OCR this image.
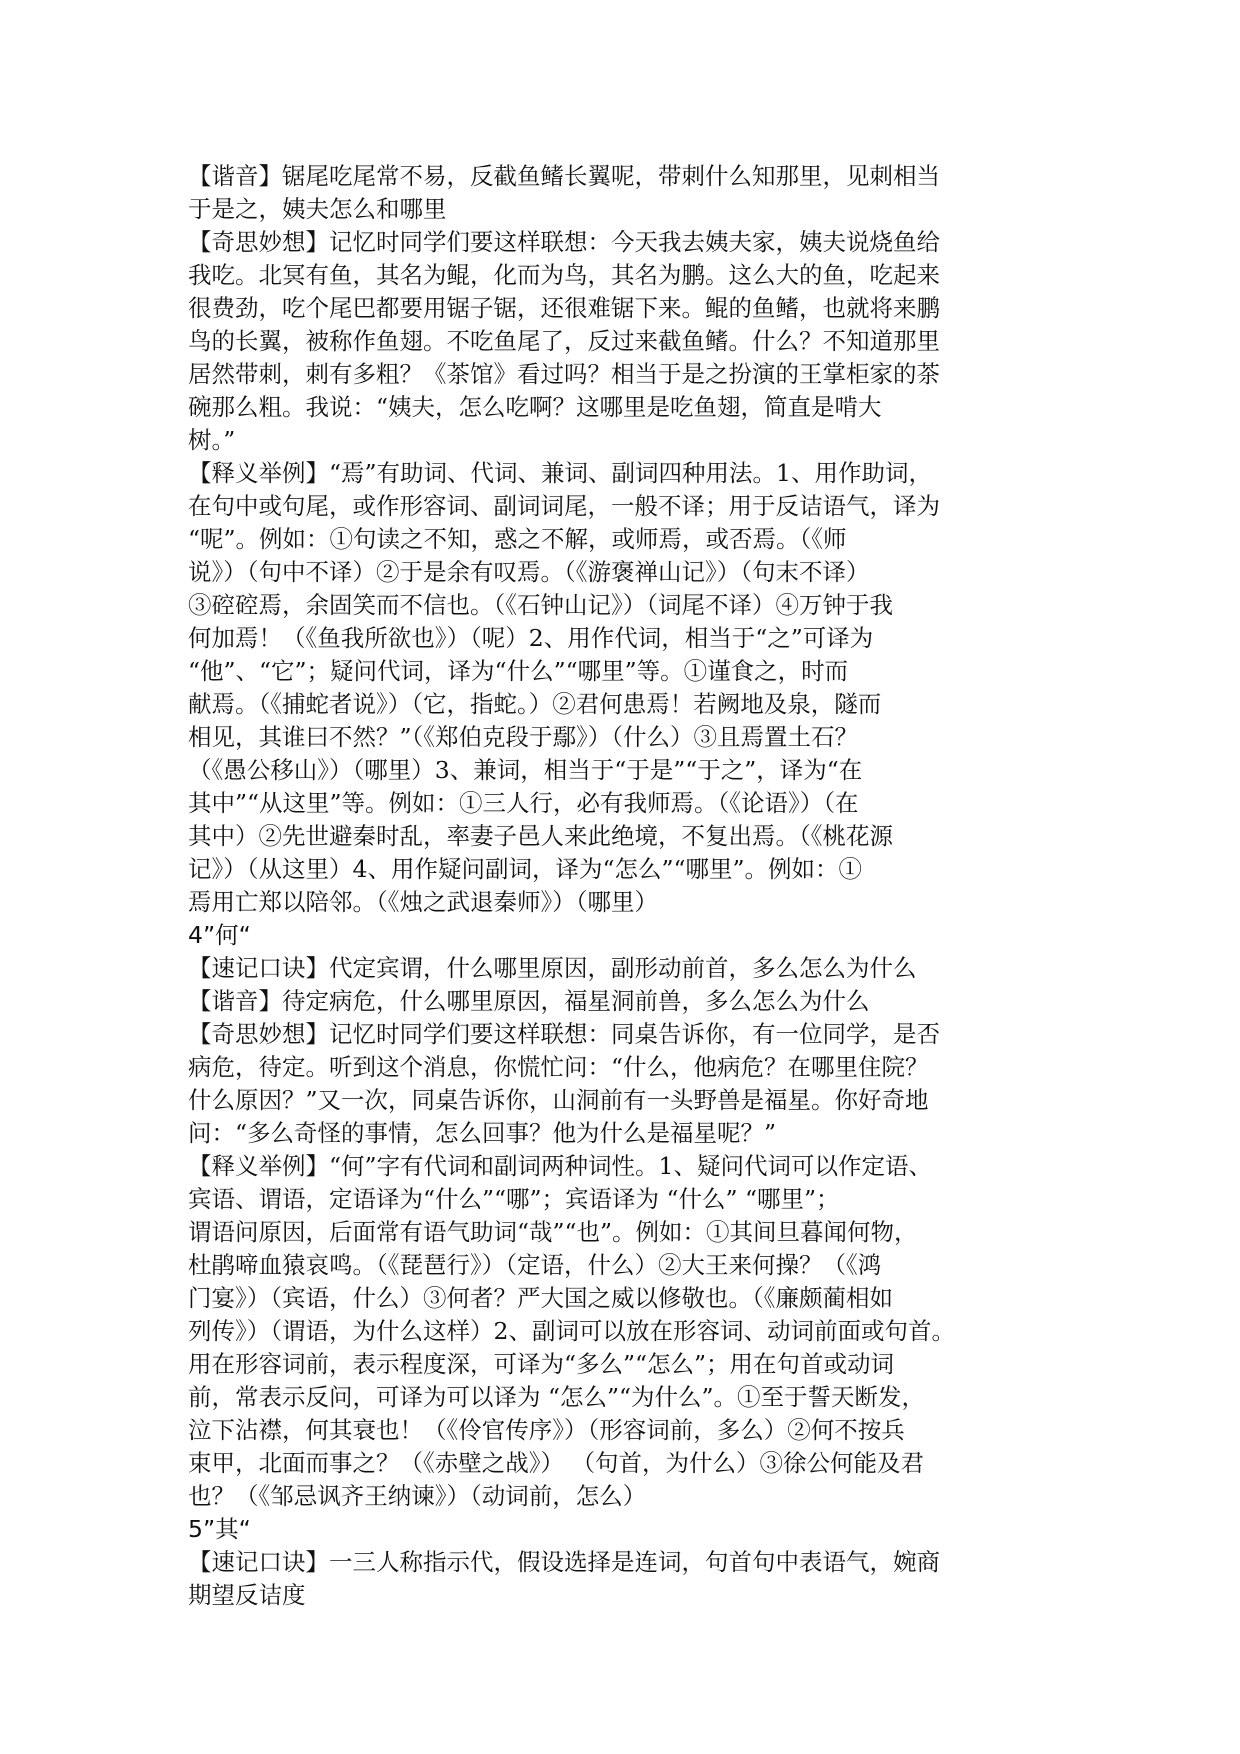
【谐音】锯尾吃尾常不易，反截鱼鳍长翼呢，带刺什么知那里，见刺相当
于是之，姨夫怎么和哪里
【奇思妙想】记忆时同学们要这样联想：今天我去姨夫家，姨夫说烧鱼给
我吃。北冥有鱼，其名为鲲，化而为鸟，其名为鹏。这么大的鱼，吃起来
很费劲，吃个尾巴都要用锯子锯，还很难锯下来。鲲的鱼鳍，也就将来鹏
鸟的长翼，被称作鱼翅。不吃鱼尾了，反过来截鱼鳍。什么？不知道那里
居然带刺，刺有多粗？《茶馆》看过吗？相当于是之扮演的王掌柜家的茶
碗那么粗。我说：“姨夫，怎么吃啊？这哪里是吃鱼翅，简直是啃大
树。”
【释义举例】“焉”有助词、代词、兼词、副词四种用法。1、用作助词，
在句中或句尾，或作形容词、副词词尾，一般不译；用于反诘语气，译为
“呢”。例如：①句读之不知，惑之不解，或师焉，或否焉。（《师
说》）（句中不译）②于是余有叹焉。（《游褒禅山记》）（句末不译）
③硿硿焉，余固笑而不信也。（《石钟山记》）（词尾不译）④万钟于我
何加焉！（《鱼我所欲也》）（呢）2、用作代词，相当于“之”可译为
“他”、“它”；疑问代词，译为“什么”“哪里”等。①谨食之，时而
献焉。（《捕蛇者说》）（它，指蛇。）②君何患焉！若阙地及泉，隧而
相见，其谁曰不然？”（《郑伯克段于鄢》）（什么）③且焉置土石？
（《愚公移山》）（哪里）3、兼词，相当于“于是”“于之”，译为“在
其中”“从这里”等。例如：①三人行，必有我师焉。（《论语》）（在
其中）②先世避秦时乱，率妻子邑人来此绝境，不复出焉。（《桃花源
记》）（从这里）4、用作疑问副词，译为“怎么”“哪里”。例如：①
焉用亡郑以陪邻。（《烛之武退秦师》）（哪里）
4”何“
【速记口诀】代定宾谓，什么哪里原因，副形动前首，多么怎么为什么
【谐音】待定病危，什么哪里原因，福星洞前兽，多么怎么为什么
【奇思妙想】记忆时同学们要这样联想：同桌告诉你，有一位同学，是否
病危，待定。听到这个消息，你慌忙问：“什么，他病危？在哪里住院？
什么原因？”又一次，同桌告诉你，山洞前有一头野兽是福星。你好奇地
问：“多么奇怪的事情，怎么回事？他为什么是福星呢？”
【释义举例】“何”字有代词和副词两种词性。1、疑问代词可以作定语、
宾语、谓语，定语译为“什么”“哪”；宾语译为 “什么” “哪里”；
谓语问原因，后面常有语气助词“哉”“也”。例如：①其间旦暮闻何物，
杜鹃啼血猿哀鸣。（《琵琶行》）（定语，什么）②大王来何操？（《鸿
门宴》）（宾语，什么）③何者？严大国之威以修敬也。（《廉颇蔺相如
列传》）（谓语，为什么这样）2、副词可以放在形容词、动词前面或句首。
用在形容词前，表示程度深，可译为“多么”“怎么”；用在句首或动词
前，常表示反问，可译为可以译为 “怎么”“为什么”。①至于誓天断发，
泣下沾襟，何其衰也！（《伶官传序》）（形容词前，多么）②何不按兵
束甲，北面而事之？（《赤壁之战》） （句首，为什么）③徐公何能及君
也？（《邹忌讽齐王纳谏》）（动词前，怎么）
5”其“
【速记口诀】一三人称指示代，假设选择是连词，句首句中表语气，婉商
期望反诘度
